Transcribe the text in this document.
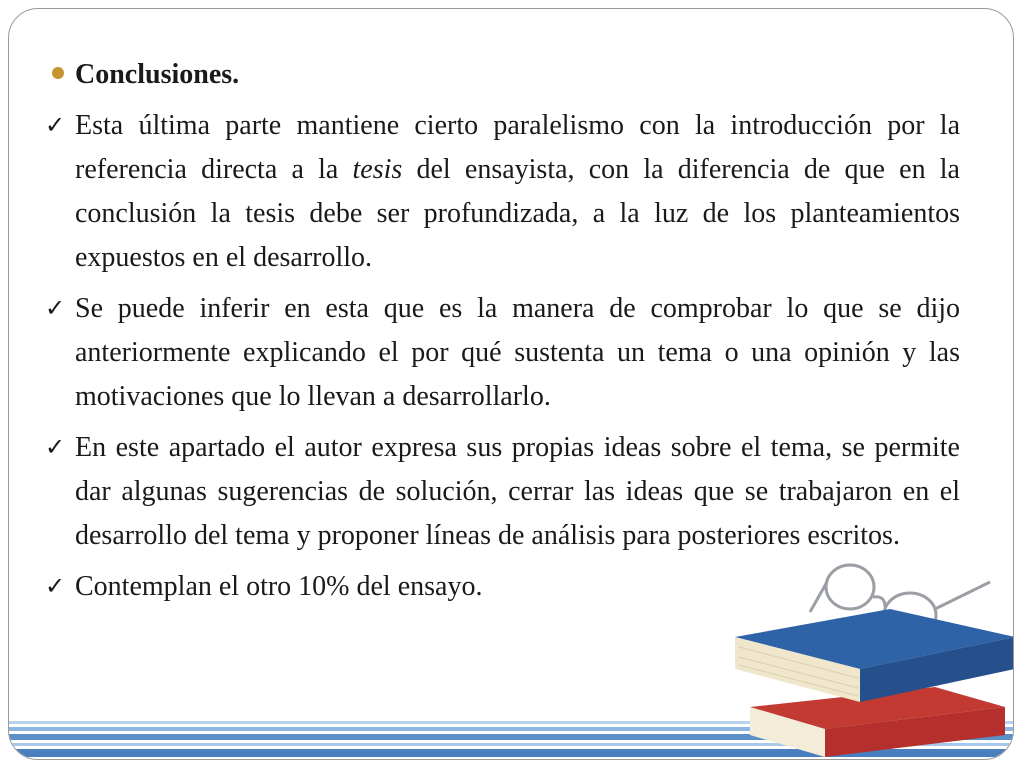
Conclusiones.
✓ Esta última parte mantiene cierto paralelismo con la introducción por la referencia directa a la tesis del ensayista, con la diferencia de que en la conclusión la tesis debe ser profundizada, a la luz de los planteamientos expuestos en el desarrollo.
✓ Se puede inferir en esta que es la manera de comprobar lo que se dijo anteriormente explicando el por qué sustenta un tema o una opinión y las motivaciones que lo llevan a desarrollarlo.
✓ En este apartado el autor expresa sus propias ideas sobre el tema, se permite dar algunas sugerencias de solución, cerrar las ideas que se trabajaron en el desarrollo del tema y proponer líneas de análisis para posteriores escritos.
✓ Contemplan el otro 10% del ensayo.
